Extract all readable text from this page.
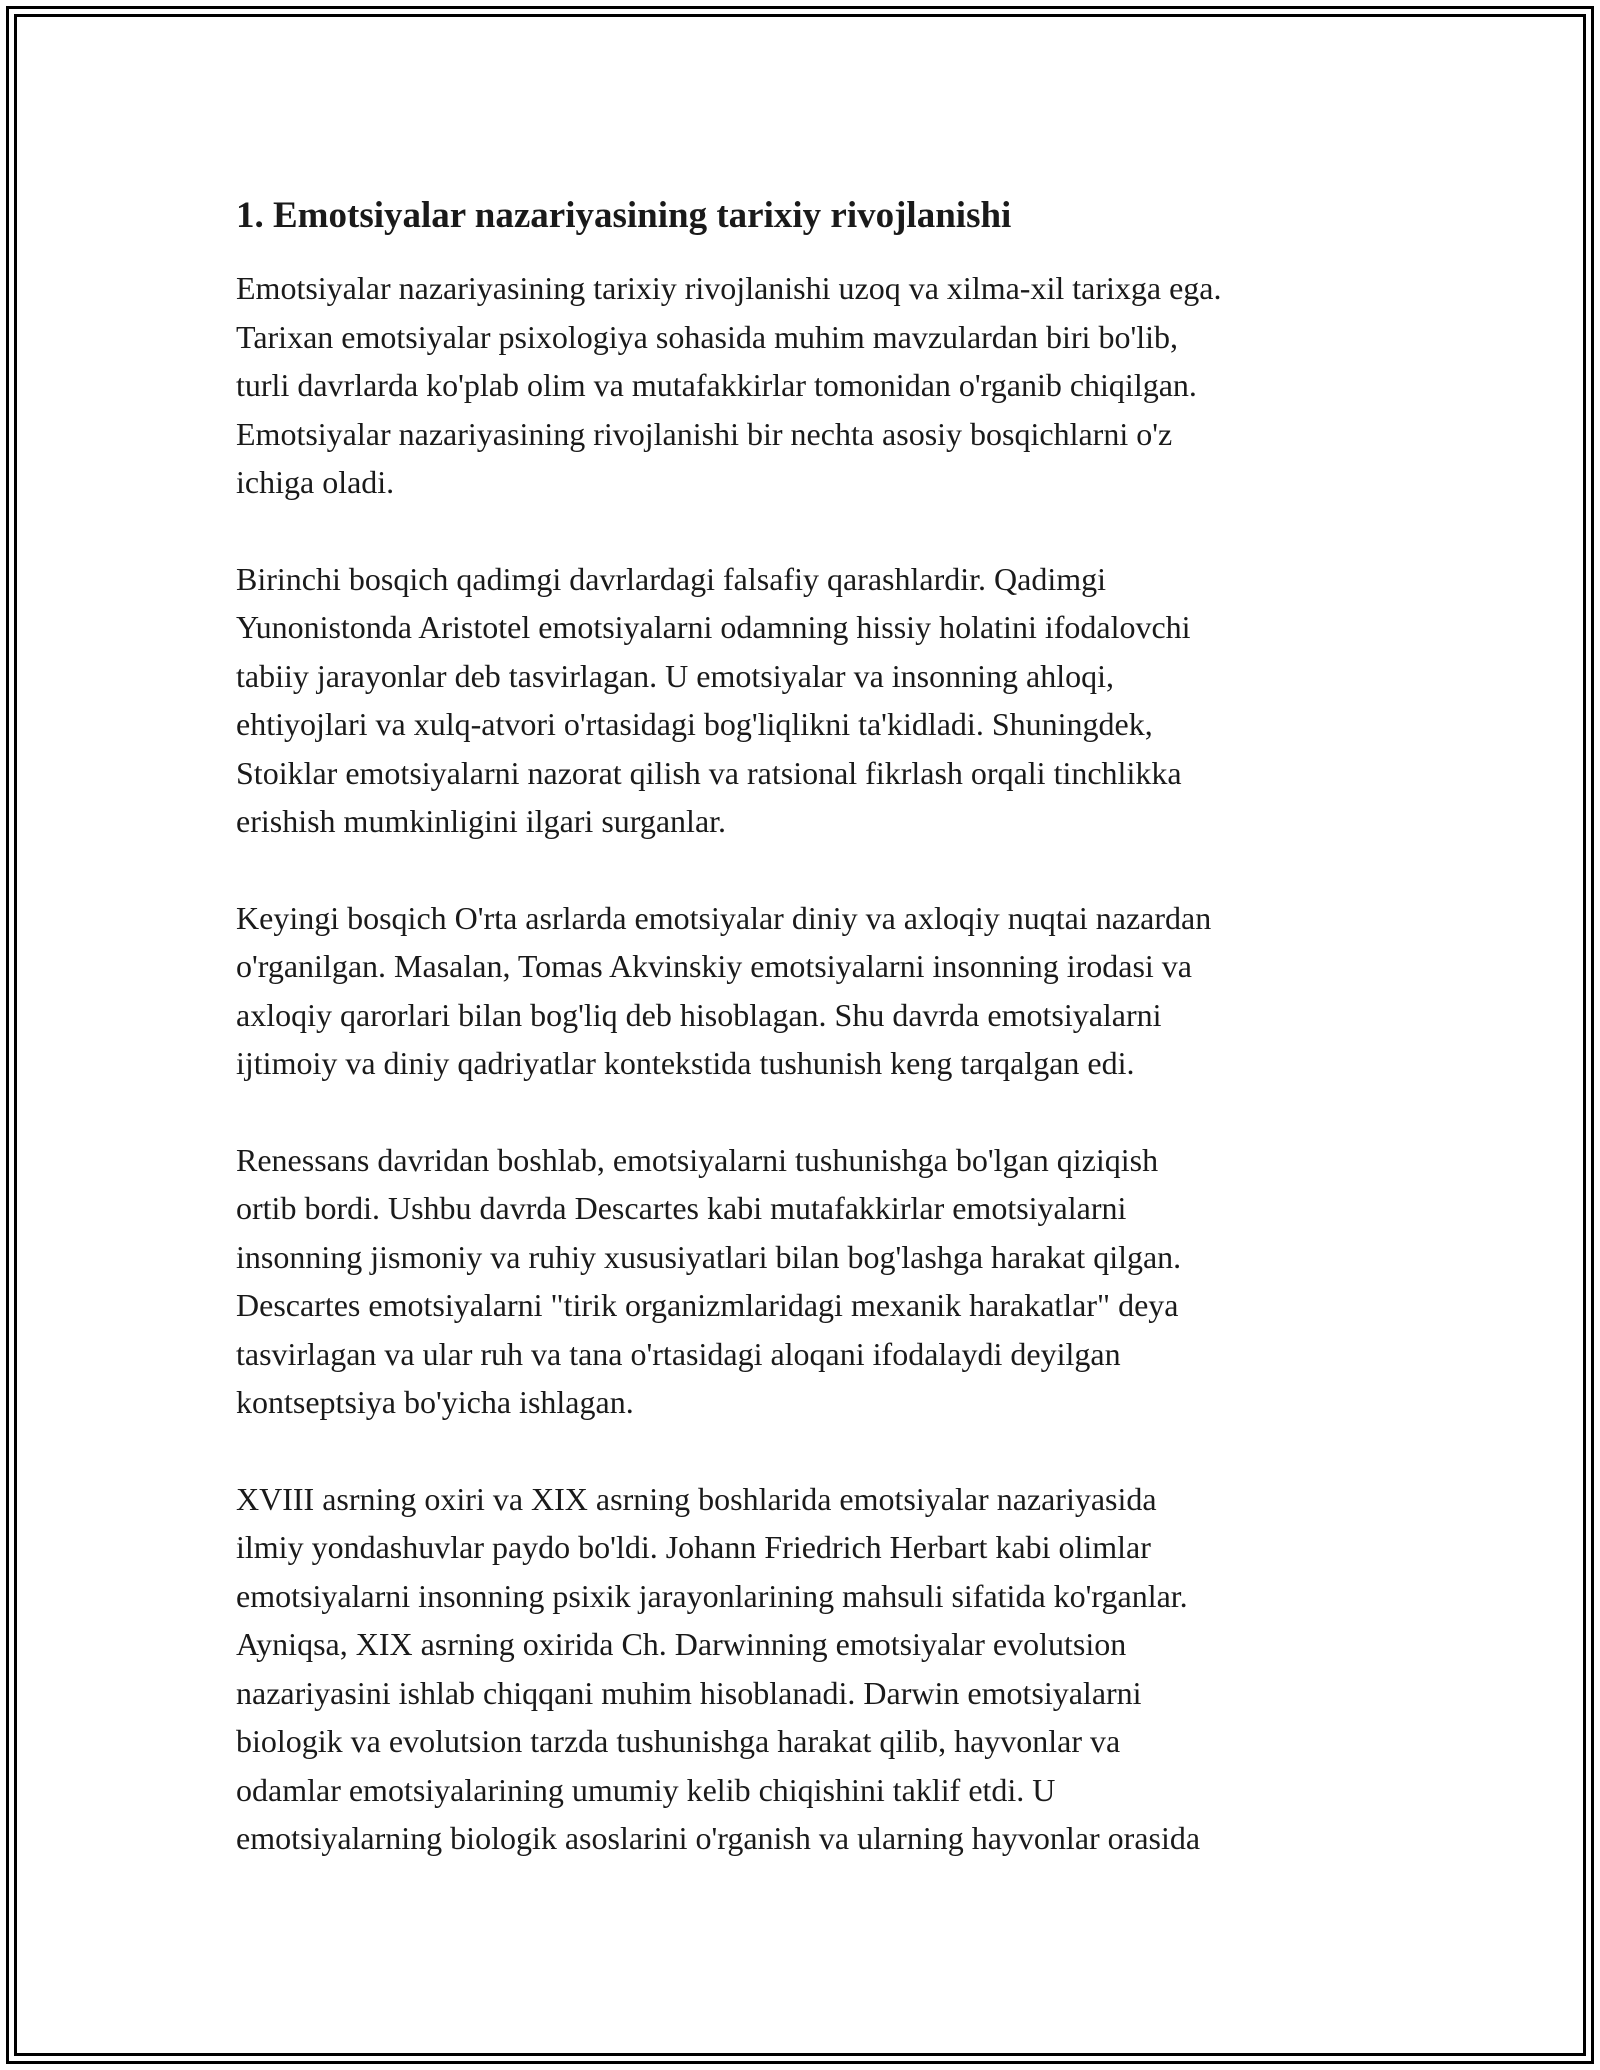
1. Emotsiyalar nazariyasining tarixiy rivojlanishi

Emotsiyalar nazariyasining tarixiy rivojlanishi uzoq va xilma-xil tarixga ega.
Tarixan emotsiyalar psixologiya sohasida muhim mavzulardan biri bo'lib,
turli davrlarda ko'plab olim va mutafakkirlar tomonidan o'rganib chiqilgan.
Emotsiyalar nazariyasining rivojlanishi bir nechta asosiy bosqichlarni o'z
ichiga oladi.

Birinchi bosqich qadimgi davrlardagi falsafiy qarashlardir. Qadimgi
Yunonistonda Aristotel emotsiyalarni odamning hissiy holatini ifodalovchi
tabiiy jarayonlar deb tasvirlagan. U emotsiyalar va insonning ahloqi,
ehtiyojlari va xulq-atvori o'rtasidagi bog'liqlikni ta'kidladi. Shuningdek,
Stoiklar emotsiyalarni nazorat qilish va ratsional fikrlash orqali tinchlikka
erishish mumkinligini ilgari surganlar.

Keyingi bosqich O'rta asrlarda emotsiyalar diniy va axloqiy nuqtai nazardan
o'rganilgan. Masalan, Tomas Akvinskiy emotsiyalarni insonning irodasi va
axloqiy qarorlari bilan bog'liq deb hisoblagan. Shu davrda emotsiyalarni
ijtimoiy va diniy qadriyatlar kontekstida tushunish keng tarqalgan edi.

Renessans davridan boshlab, emotsiyalarni tushunishga bo'lgan qiziqish
ortib bordi. Ushbu davrda Descartes kabi mutafakkirlar emotsiyalarni
insonning jismoniy va ruhiy xususiyatlari bilan bog'lashga harakat qilgan.
Descartes emotsiyalarni "tirik organizmlaridagi mexanik harakatlar" deya
tasvirlagan va ular ruh va tana o'rtasidagi aloqani ifodalaydi deyilgan
kontseptsiya bo'yicha ishlagan.

XVIII asrning oxiri va XIX asrning boshlarida emotsiyalar nazariyasida
ilmiy yondashuvlar paydo bo'ldi. Johann Friedrich Herbart kabi olimlar
emotsiyalarni insonning psixik jarayonlarining mahsuli sifatida ko'rganlar.
Ayniqsa, XIX asrning oxirida Ch. Darwinning emotsiyalar evolutsion
nazariyasini ishlab chiqqani muhim hisoblanadi. Darwin emotsiyalarni
biologik va evolutsion tarzda tushunishga harakat qilib, hayvonlar va
odamlar emotsiyalarining umumiy kelib chiqishini taklif etdi. U
emotsiyalarning biologik asoslarini o'rganish va ularning hayvonlar orasida
